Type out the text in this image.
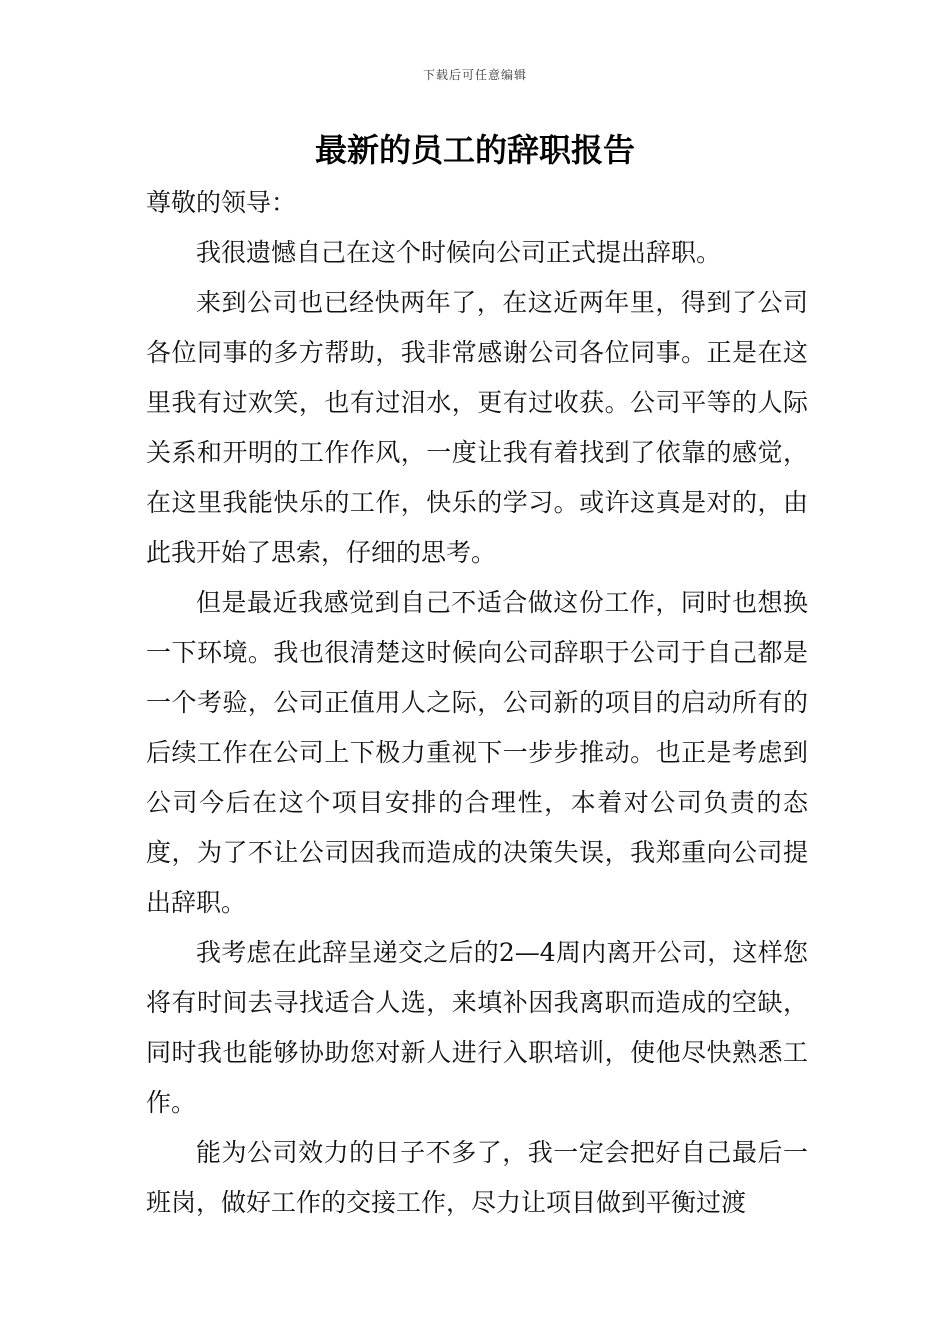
下载后可任意编辑
最新的员工的辞职报告

尊敬的领导：

我很遗憾自己在这个时候向公司正式提出辞职。

来到公司也已经快两年了，在这近两年里，得到了公司各位同事的多方帮助，我非常感谢公司各位同事。正是在这里我有过欢笑，也有过泪水，更有过收获。公司平等的人际关系和开明的工作作风，一度让我有着找到了依靠的感觉，在这里我能快乐的工作，快乐的学习。或许这真是对的，由此我开始了思索，仔细的思考。

但是最近我感觉到自己不适合做这份工作，同时也想换一下环境。我也很清楚这时候向公司辞职于公司于自己都是一个考验，公司正值用人之际，公司新的项目的启动所有的后续工作在公司上下极力重视下一步步推动。也正是考虑到公司今后在这个项目安排的合理性，本着对公司负责的态度，为了不让公司因我而造成的决策失误，我郑重向公司提出辞职。

我考虑在此辞呈递交之后的2—4周内离开公司，这样您将有时间去寻找适合人选，来填补因我离职而造成的空缺，同时我也能够协助您对新人进行入职培训，使他尽快熟悉工作。

能为公司效力的日子不多了，我一定会把好自己最后一班岗，做好工作的交接工作，尽力让项目做到平衡过渡
